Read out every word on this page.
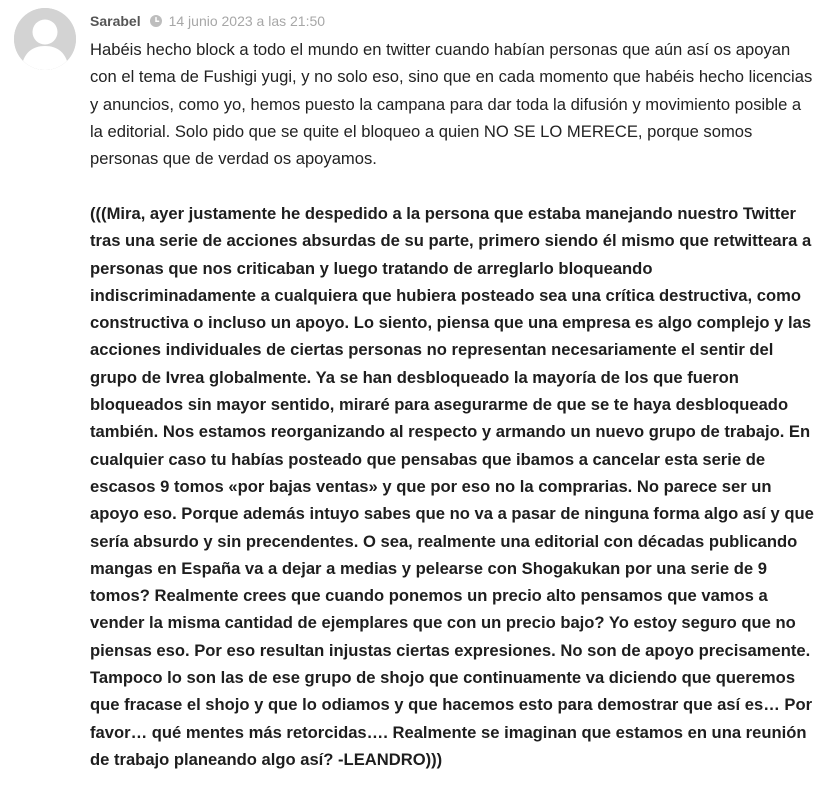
Sarabel 14 junio 2023 a las 21:50

Habéis hecho block a todo el mundo en twitter cuando habían personas que aún así os apoyan con el tema de Fushigi yugi, y no solo eso, sino que en cada momento que habéis hecho licencias y anuncios, como yo, hemos puesto la campana para dar toda la difusión y movimiento posible a la editorial. Solo pido que se quite el bloqueo a quien NO SE LO MERECE, porque somos personas que de verdad os apoyamos.

(((Mira, ayer justamente he despedido a la persona que estaba manejando nuestro Twitter tras una serie de acciones absurdas de su parte, primero siendo él mismo que retwitteara a personas que nos criticaban y luego tratando de arreglarlo bloqueando indiscriminadamente a cualquiera que hubiera posteado sea una crítica destructiva, como constructiva o incluso un apoyo. Lo siento, piensa que una empresa es algo complejo y las acciones individuales de ciertas personas no representan necesariamente el sentir del grupo de Ivrea globalmente. Ya se han desbloqueado la mayoría de los que fueron bloqueados sin mayor sentido, miraré para asegurarme de que se te haya desbloqueado también. Nos estamos reorganizando al respecto y armando un nuevo grupo de trabajo. En cualquier caso tu habías posteado que pensabas que ibamos a cancelar esta serie de escasos 9 tomos «por bajas ventas» y que por eso no la comprarias. No parece ser un apoyo eso. Porque además intuyo sabes que no va a pasar de ninguna forma algo así y que sería absurdo y sin precendentes. O sea, realmente una editorial con décadas publicando mangas en España va a dejar a medias y pelearse con Shogakukan por una serie de 9 tomos? Realmente crees que cuando ponemos un precio alto pensamos que vamos a vender la misma cantidad de ejemplares que con un precio bajo? Yo estoy seguro que no piensas eso. Por eso resultan injustas ciertas expresiones. No son de apoyo precisamente. Tampoco lo son las de ese grupo de shojo que continuamente va diciendo que queremos que fracase el shojo y que lo odiamos y que hacemos esto para demostrar que así es… Por favor… qué mentes más retorcidas…. Realmente se imaginan que estamos en una reunión de trabajo planeando algo así? -LEANDRO)))
